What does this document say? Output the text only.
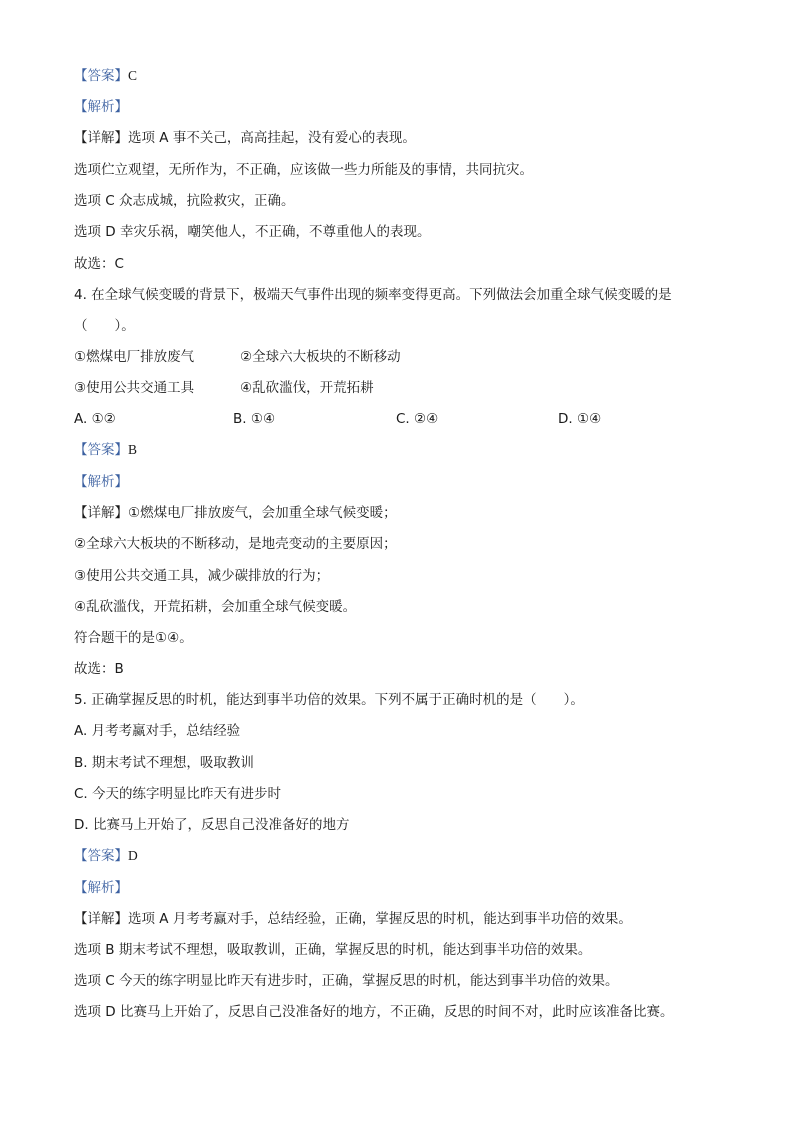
【答案】C
【解析】
【详解】选项 A 事不关己，高高挂起，没有爱心的表现。
选项伫立观望，无所作为，不正确，应该做一些力所能及的事情，共同抗灾。
选项 C 众志成城，抗险救灾，正确。
选项 D 幸灾乐祸，嘲笑他人，不正确，不尊重他人的表现。
故选：C
4. 在全球气候变暖的背景下，极端天气事件出现的频率变得更高。下列做法会加重全球气候变暖的是
（　　）。
①燃煤电厂排放废气	②全球六大板块的不断移动
③使用公共交通工具	④乱砍滥伐，开荒拓耕
A. ①②	B. ①④	C. ②④	D. ①④
【答案】B
【解析】
【详解】①燃煤电厂排放废气，会加重全球气候变暖；
②全球六大板块的不断移动，是地壳变动的主要原因；
③使用公共交通工具，减少碳排放的行为；
④乱砍滥伐，开荒拓耕，会加重全球气候变暖。
符合题干的是①④。
故选：B
5. 正确掌握反思的时机，能达到事半功倍的效果。下列不属于正确时机的是（　　）。
A. 月考考赢对手，总结经验
B. 期末考试不理想，吸取教训
C. 今天的练字明显比昨天有进步时
D. 比赛马上开始了，反思自己没准备好的地方
【答案】D
【解析】
【详解】选项 A 月考考赢对手，总结经验，正确，掌握反思的时机，能达到事半功倍的效果。
选项 B 期末考试不理想，吸取教训，正确，掌握反思的时机，能达到事半功倍的效果。
选项 C 今天的练字明显比昨天有进步时，正确，掌握反思的时机，能达到事半功倍的效果。
选项 D 比赛马上开始了，反思自己没准备好的地方，不正确，反思的时间不对，此时应该准备比赛。
